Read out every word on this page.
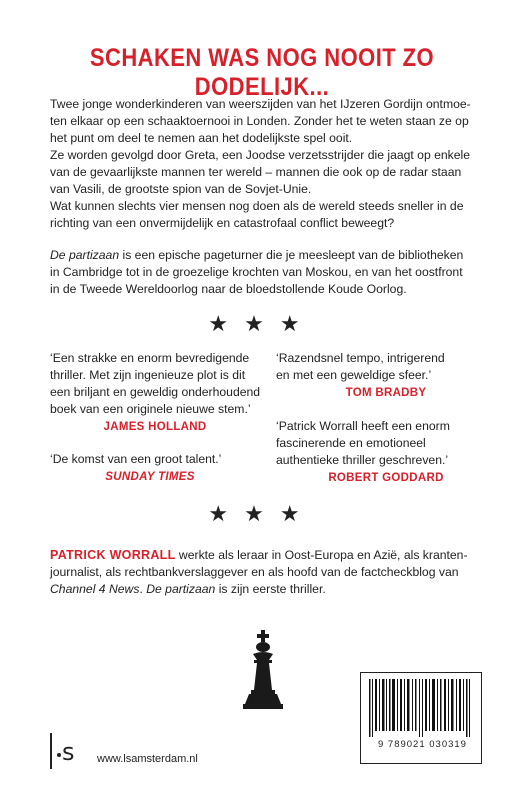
SCHAKEN WAS NOG NOOIT ZO DODELIJK...

Twee jonge wonderkinderen van weerszijden van het IJzeren Gordijn ontmoe-
ten elkaar op een schaaktoernooi in Londen. Zonder het te weten staan ze op
het punt om deel te nemen aan het dodelijkste spel ooit.
Ze worden gevolgd door Greta, een Joodse verzetsstrijder die jaagt op enkele
van de gevaarlijkste mannen ter wereld – mannen die ook op de radar staan
van Vasili, de grootste spion van de Sovjet-Unie.
Wat kunnen slechts vier mensen nog doen als de wereld steeds sneller in de
richting van een onvermijdelijk en catastrofaal conflict beweegt?

De partizaan is een epische pageturner die je meesleept van de bibliotheken
in Cambridge tot in de groezelige krochten van Moskou, en van het oostfront
in de Tweede Wereldoorlog naar de bloedstollende Koude Oorlog.

★★★
‘Een strakke en enorm bevredigende
thriller. Met zijn ingenieuze plot is dit
een briljant en geweldig onderhoudend
boek van een originele nieuwe stem.’
JAMES HOLLAND
‘De komst van een groot talent.’
SUNDAY TIMES
‘Razendsnel tempo, intrigerend
en met een geweldige sfeer.’
TOM BRADBY
‘Patrick Worrall heeft een enorm
fascinerende en emotioneel
authentieke thriller geschreven.’
ROBERT GODDARD
★★★

PATRICK WORRALL werkte als leraar in Oost-Europa en Azië, als kranten-
journalist, als rechtbankverslaggever en als hoofd van de factcheckblog van
Channel 4 News. De partizaan is zijn eerste thriller.

9 789021 030319
s www.lsamsterdam.nl
